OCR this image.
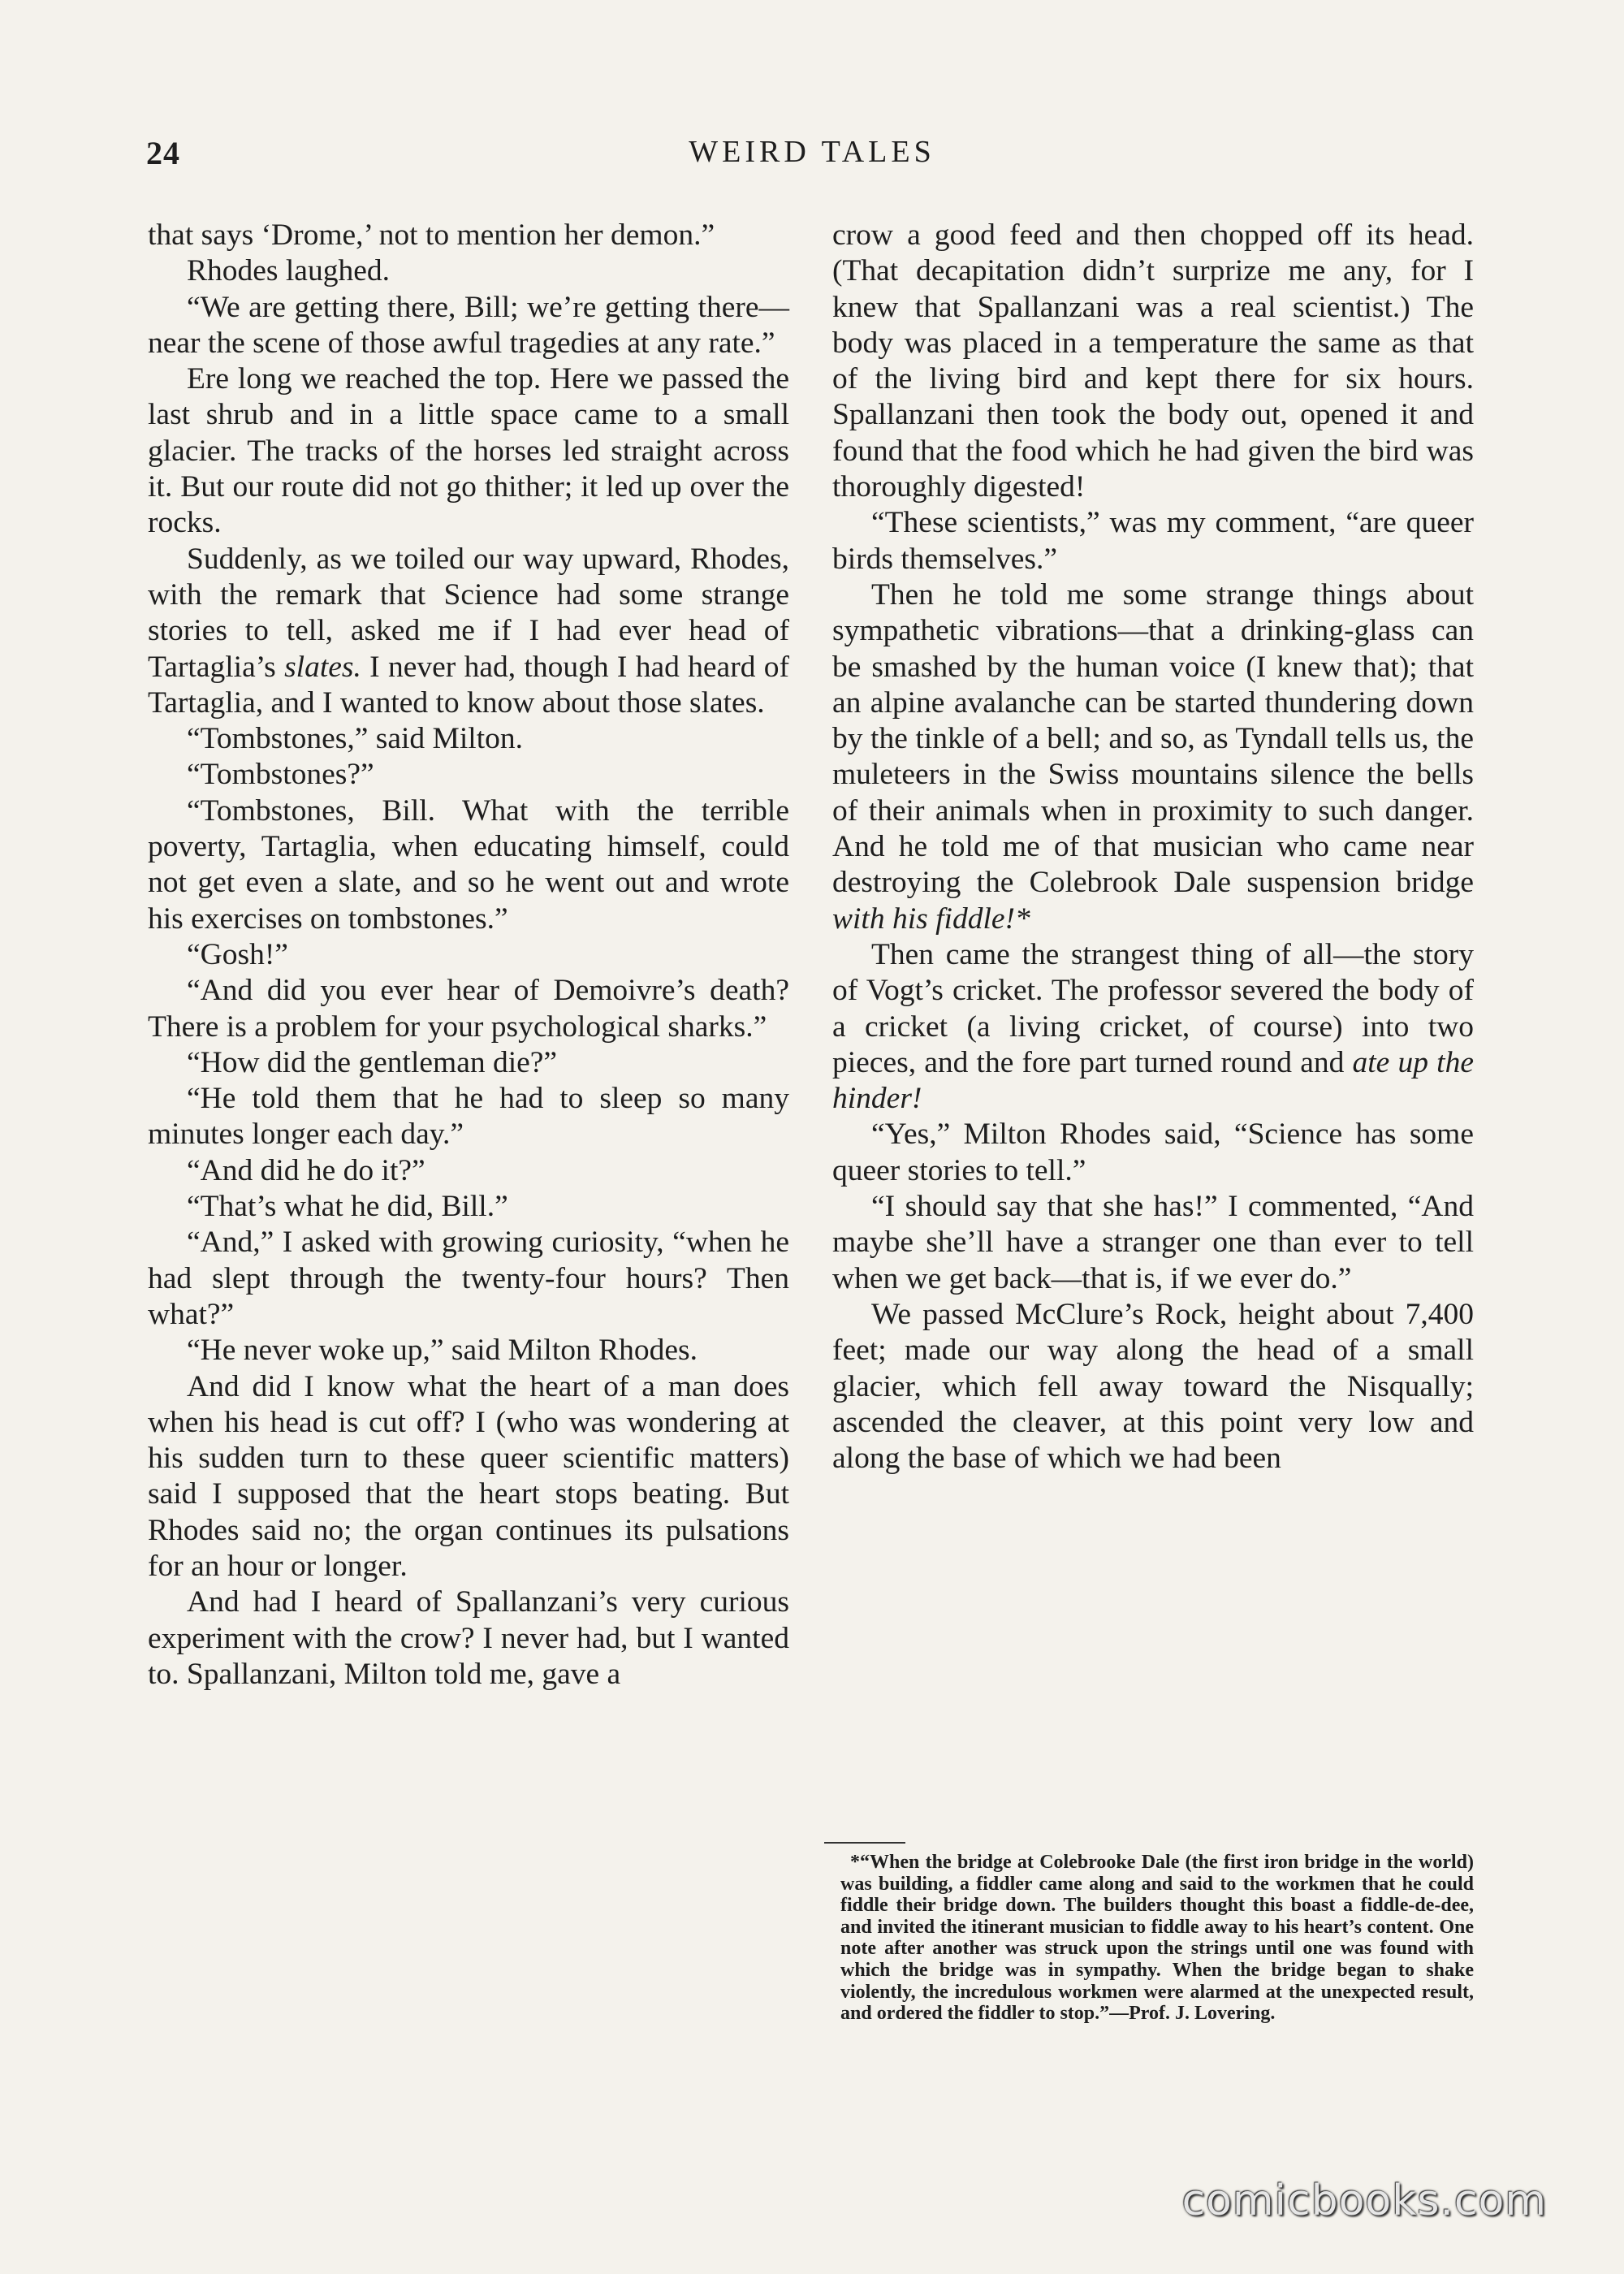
24	WEIRD TALES

that says ‘Drome,’ not to mention her demon.”

Rhodes laughed.

“We are getting there, Bill; we’re getting there—near the scene of those awful tragedies at any rate.”

Ere long we reached the top. Here we passed the last shrub and in a little space came to a small glacier. The tracks of the horses led straight across it. But our route did not go thither; it led up over the rocks.

Suddenly, as we toiled our way upward, Rhodes, with the remark that Science had some strange stories to tell, asked me if I had ever head of Tartaglia’s slates. I never had, though I had heard of Tartaglia, and I wanted to know about those slates.

“Tombstones,” said Milton.

“Tombstones?”

“Tombstones, Bill. What with the terrible poverty, Tartaglia, when educating himself, could not get even a slate, and so he went out and wrote his exercises on tombstones.”

“Gosh!”

“And did you ever hear of Demoivre’s death? There is a problem for your psychological sharks.”

“How did the gentleman die?”

“He told them that he had to sleep so many minutes longer each day.”

“And did he do it?”

“That’s what he did, Bill.”

“And,” I asked with growing curiosity, “when he had slept through the twenty-four hours? Then what?”

“He never woke up,” said Milton Rhodes.

And did I know what the heart of a man does when his head is cut off? I (who was wondering at his sudden turn to these queer scientific matters) said I supposed that the heart stops beating. But Rhodes said no; the organ continues its pulsations for an hour or longer.

And had I heard of Spallanzani’s very curious experiment with the crow? I never had, but I wanted to. Spallanzani, Milton told me, gave a

crow a good feed and then chopped off its head. (That decapitation didn’t surprize me any, for I knew that Spallanzani was a real scientist.) The body was placed in a temperature the same as that of the living bird and kept there for six hours. Spallanzani then took the body out, opened it and found that the food which he had given the bird was thoroughly digested!

“These scientists,” was my comment, “are queer birds themselves.”

Then he told me some strange things about sympathetic vibrations—that a drinking-glass can be smashed by the human voice (I knew that); that an alpine avalanche can be started thundering down by the tinkle of a bell; and so, as Tyndall tells us, the muleteers in the Swiss mountains silence the bells of their animals when in proximity to such danger. And he told me of that musician who came near destroying the Colebrook Dale suspension bridge with his fiddle!*

Then came the strangest thing of all—the story of Vogt’s cricket. The professor severed the body of a cricket (a living cricket, of course) into two pieces, and the fore part turned round and ate up the hinder!

“Yes,” Milton Rhodes said, “Science has some queer stories to tell.”

“I should say that she has!” I commented, “And maybe she’ll have a stranger one than ever to tell when we get back—that is, if we ever do.”

We passed McClure’s Rock, height about 7,400 feet; made our way along the head of a small glacier, which fell away toward the Nisqually; ascended the cleaver, at this point very low and along the base of which we had been

*“When the bridge at Colebrooke Dale (the first iron bridge in the world) was building, a fiddler came along and said to the workmen that he could fiddle their bridge down. The builders thought this boast a fiddle-de-dee, and invited the itinerant musician to fiddle away to his heart’s content. One note after another was struck upon the strings until one was found with which the bridge was in sympathy. When the bridge began to shake violently, the incredulous workmen were alarmed at the unexpected result, and ordered the fiddler to stop.”—Prof. J. Lovering.

comicbooks.com
